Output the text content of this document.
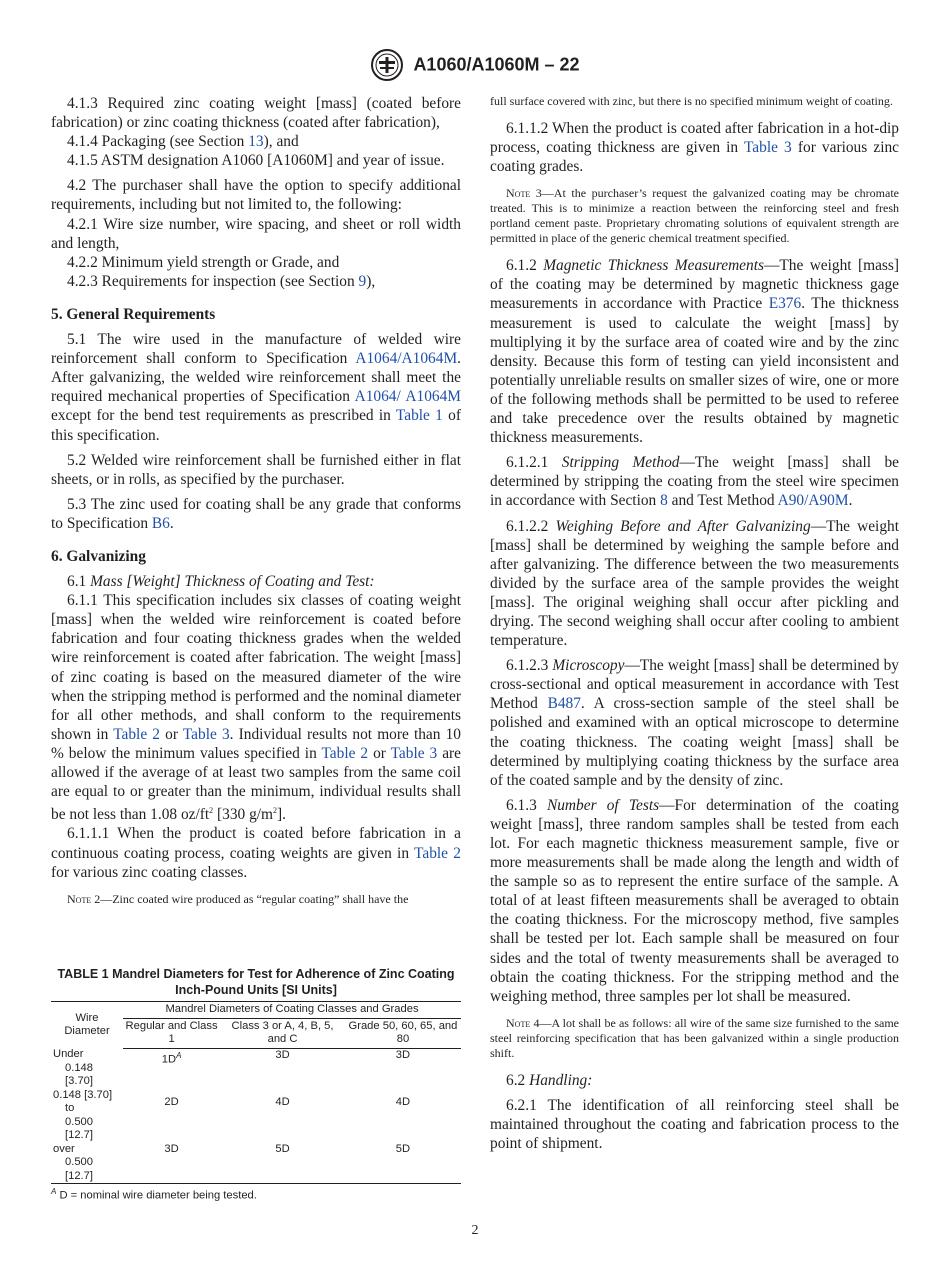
A1060/A1060M – 22

4.1.3 Required zinc coating weight [mass] (coated before fabrication) or zinc coating thickness (coated after fabrication),

4.1.4 Packaging (see Section 13), and

4.1.5 ASTM designation A1060 [A1060M] and year of issue.

4.2 The purchaser shall have the option to specify additional requirements, including but not limited to, the following:

4.2.1 Wire size number, wire spacing, and sheet or roll width and length,

4.2.2 Minimum yield strength or Grade, and

4.2.3 Requirements for inspection (see Section 9),

5. General Requirements

5.1 The wire used in the manufacture of welded wire reinforcement shall conform to Specification A1064/A1064M. After galvanizing, the welded wire reinforcement shall meet the required mechanical properties of Specification A1064/ A1064M except for the bend test requirements as prescribed in Table 1 of this specification.

5.2 Welded wire reinforcement shall be furnished either in flat sheets, or in rolls, as specified by the purchaser.

5.3 The zinc used for coating shall be any grade that conforms to Specification B6.

6. Galvanizing

6.1 Mass [Weight] Thickness of Coating and Test:

6.1.1 This specification includes six classes of coating weight [mass] when the welded wire reinforcement is coated before fabrication and four coating thickness grades when the welded wire reinforcement is coated after fabrication. The weight [mass] of zinc coating is based on the measured diameter of the wire when the stripping method is performed and the nominal diameter for all other methods, and shall conform to the requirements shown in Table 2 or Table 3. Individual results not more than 10 % below the minimum values specified in Table 2 or Table 3 are allowed if the average of at least two samples from the same coil are equal to or greater than the minimum, individual results shall be not less than 1.08 $oz/ft^2$ [330 $g/m^2$].

6.1.1.1 When the product is coated before fabrication in a continuous coating process, coating weights are given in Table 2 for various zinc coating classes.

Note 2—Zinc coated wire produced as “regular coating” shall have the

TABLE 1 Mandrel Diameters for Test for Adherence of Zinc Coating Inch-Pound Units [SI Units]
Wire Diameter	Mandrel Diameters of Coating Classes and Grades		
	Regular and Class 1	Class 3 or A, 4, B, 5, and C	Grade 50, 60, 65, and 80
Under
0.148 [3.70]	$1D^A$	3D	3D
0.148 [3.70]
to
0.500 [12.7]	2D	4D	4D
over
0.500 [12.7]	3D	5D	5D
$^A$ D = nominal wire diameter being tested.

full surface covered with zinc, but there is no specified minimum weight of coating.

6.1.1.2 When the product is coated after fabrication in a hot-dip process, coating thickness are given in Table 3 for various zinc coating grades.

Note 3—At the purchaser’s request the galvanized coating may be chromate treated. This is to minimize a reaction between the reinforcing steel and fresh portland cement paste. Proprietary chromating solutions of equivalent strength are permitted in place of the generic chemical treatment specified.

6.1.2 Magnetic Thickness Measurements—The weight [mass] of the coating may be determined by magnetic thickness gage measurements in accordance with Practice E376. The thickness measurement is used to calculate the weight [mass] by multiplying it by the surface area of coated wire and by the zinc density. Because this form of testing can yield inconsistent and potentially unreliable results on smaller sizes of wire, one or more of the following methods shall be permitted to be used to referee and take precedence over the results obtained by magnetic thickness measurements.

6.1.2.1 Stripping Method—The weight [mass] shall be determined by stripping the coating from the steel wire specimen in accordance with Section 8 and Test Method A90/A90M.

6.1.2.2 Weighing Before and After Galvanizing—The weight [mass] shall be determined by weighing the sample before and after galvanizing. The difference between the two measurements divided by the surface area of the sample provides the weight [mass]. The original weighing shall occur after pickling and drying. The second weighing shall occur after cooling to ambient temperature.

6.1.2.3 Microscopy—The weight [mass] shall be determined by cross-sectional and optical measurement in accordance with Test Method B487. A cross-section sample of the steel shall be polished and examined with an optical microscope to determine the coating thickness. The coating weight [mass] shall be determined by multiplying coating thickness by the surface area of the coated sample and by the density of zinc.

6.1.3 Number of Tests—For determination of the coating weight [mass], three random samples shall be tested from each lot. For each magnetic thickness measurement sample, five or more measurements shall be made along the length and width of the sample so as to represent the entire surface of the sample. A total of at least fifteen measurements shall be averaged to obtain the coating thickness. For the microscopy method, five samples shall be tested per lot. Each sample shall be measured on four sides and the total of twenty measurements shall be averaged to obtain the coating thickness. For the stripping method and the weighing method, three samples per lot shall be measured.

Note 4—A lot shall be as follows: all wire of the same size furnished to the same steel reinforcing specification that has been galvanized within a single production shift.

6.2 Handling:

6.2.1 The identification of all reinforcing steel shall be maintained throughout the coating and fabrication process to the point of shipment.

2
